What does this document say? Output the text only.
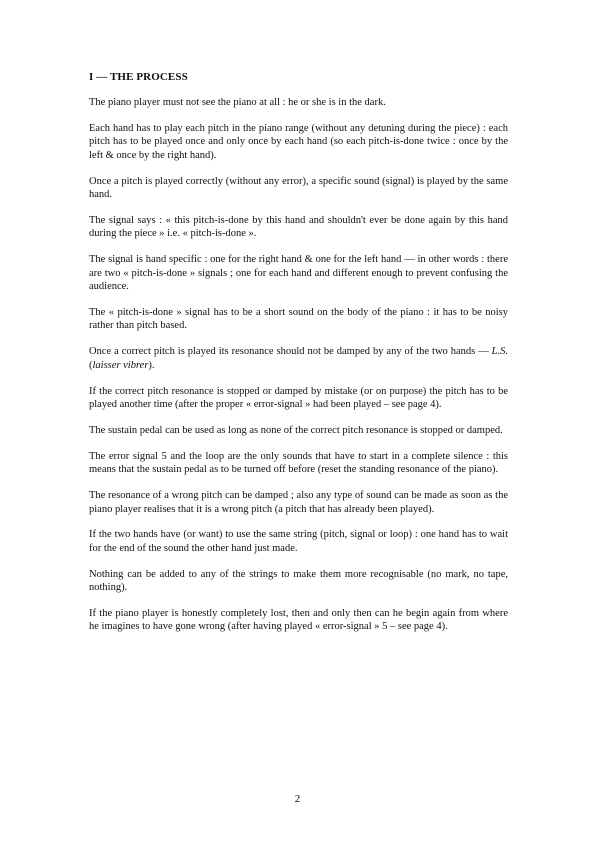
I — THE PROCESS

The piano player must not see the piano at all : he or she is in the dark.

Each hand has to play each pitch in the piano range (without any detuning during the piece) : each pitch has to be played once and only once by each hand (so each pitch-is-done twice : once by the left & once by the right hand).

Once a pitch is played correctly (without any error), a specific sound (signal) is played by the same hand.

The signal says : « this pitch-is-done by this hand and shouldn't ever be done again by this hand during the piece » i.e. « pitch-is-done ».

The signal is hand specific : one for the right hand & one for the left hand — in other words : there are two « pitch-is-done » signals ; one for each hand and different enough to prevent confusing the audience.

The « pitch-is-done » signal has to be a short sound on the body of the piano : it has to be noisy rather than pitch based.

Once a correct pitch is played its resonance should not be damped by any of the two hands — L.S. (laisser vibrer).

If the correct pitch resonance is stopped or damped by mistake (or on purpose) the pitch has to be played another time (after the proper « error-signal » had been played – see page 4).

The sustain pedal can be used as long as none of the correct pitch resonance is stopped or damped.

The error signal 5 and the loop are the only sounds that have to start in a complete silence : this means that the sustain pedal as to be turned off before (reset the standing resonance of the piano).

The resonance of a wrong pitch can be damped ; also any type of sound can be made as soon as the piano player realises that it is a wrong pitch (a pitch that has already been played).

If the two hands have (or want) to use the same string (pitch, signal or loop) : one hand has to wait for the end of the sound the other hand just made.

Nothing can be added to any of the strings to make them more recognisable (no mark, no tape, nothing).

If the piano player is honestly completely lost, then and only then can he begin again from where he imagines to have gone wrong (after having played « error-signal » 5 – see page 4).

2
